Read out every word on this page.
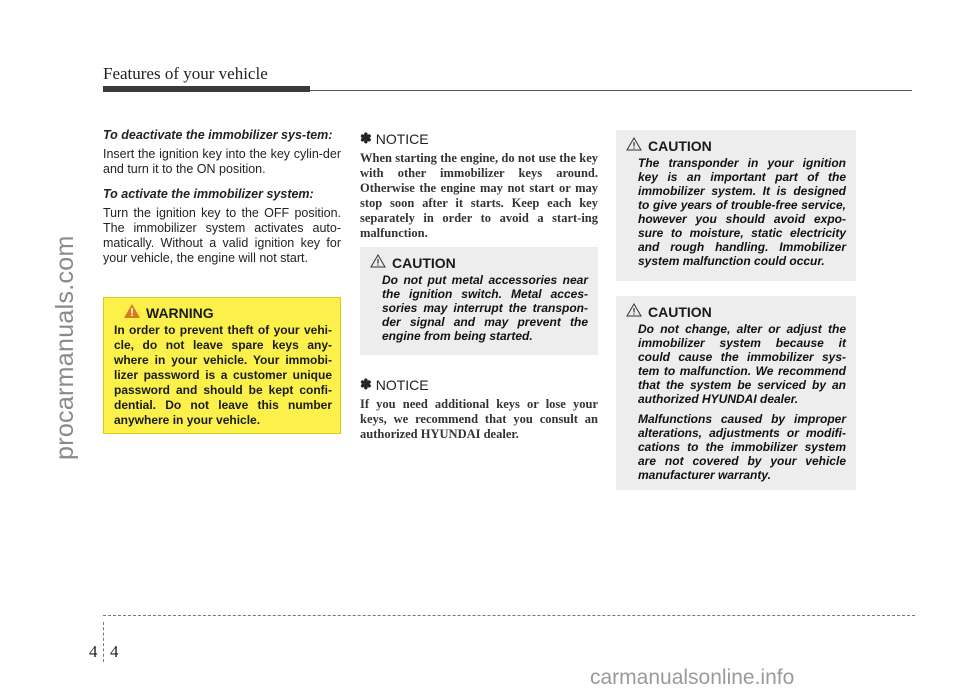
Features of your vehicle
procarmanuals.com
To deactivate the immobilizer sys-tem:
Insert the ignition key into the key cylin-der and turn it to the ON position.
To activate the immobilizer system:
Turn the ignition key to the OFF position. The immobilizer system activates auto-matically. Without a valid ignition key for your vehicle, the engine will not start.
WARNING
In order to prevent theft of your vehi-cle, do not leave spare keys any-where in your vehicle. Your immobi-lizer password is a customer unique password and should be kept confi-dential. Do not leave this number anywhere in your vehicle.
✽ NOTICE
When starting the engine, do not use the key with other immobilizer keys around. Otherwise the engine may not start or may stop soon after it starts. Keep each key separately in order to avoid a start-ing malfunction.
CAUTION
Do not put metal accessories near the ignition switch. Metal acces-sories may interrupt the transpon-der signal and may prevent the engine from being started.
✽ NOTICE
If you need additional keys or lose your keys, we recommend that you consult an authorized HYUNDAI dealer.
CAUTION
The transponder in your ignition key is an important part of the immobilizer system. It is designed to give years of trouble-free service, however you should avoid expo-sure to moisture, static electricity and rough handling. Immobilizer system malfunction could occur.
CAUTION
Do not change, alter or adjust the immobilizer system because it could cause the immobilizer sys-tem to malfunction. We recommend that the system be serviced by an authorized HYUNDAI dealer.
Malfunctions caused by improper alterations, adjustments or modifi-cations to the immobilizer system are not covered by your vehicle manufacturer warranty.
4 4
carmanualsonline.info
